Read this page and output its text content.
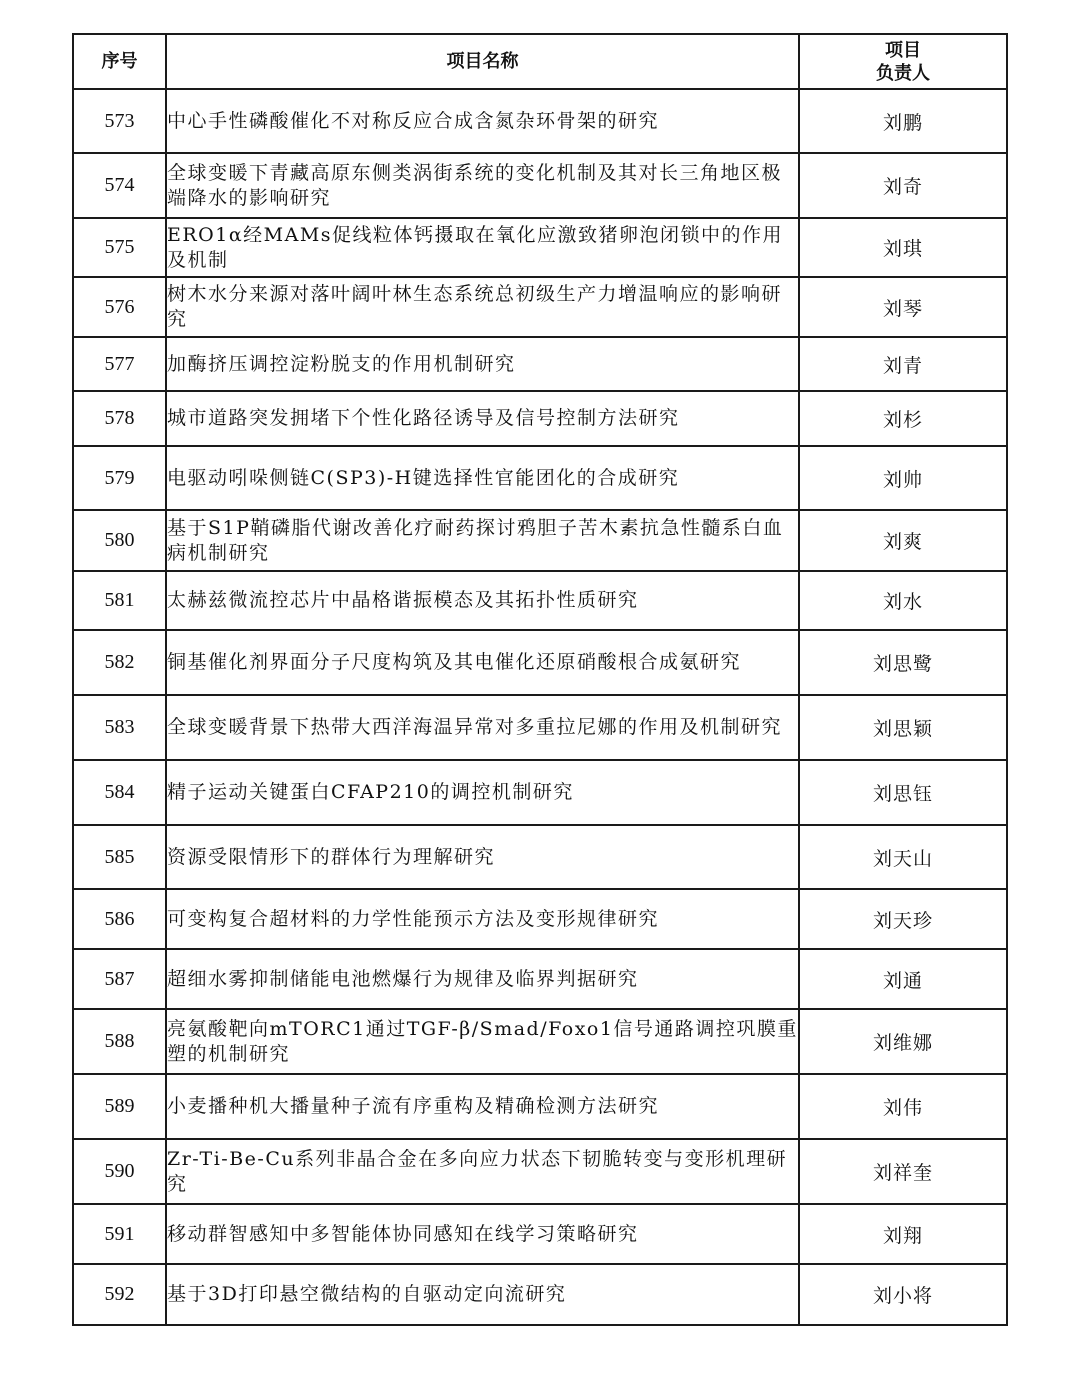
序号	项目名称	项目
负责人
573	中心手性磷酸催化不对称反应合成含氮杂环骨架的研究	刘鹏
574	全球变暖下青藏高原东侧类涡街系统的变化机制及其对长三角地区极端降水的影响研究	刘奇
575	ERO1α经MAMs促线粒体钙摄取在氧化应激致猪卵泡闭锁中的作用及机制	刘琪
576	树木水分来源对落叶阔叶林生态系统总初级生产力增温响应的影响研究	刘琴
577	加酶挤压调控淀粉脱支的作用机制研究	刘青
578	城市道路突发拥堵下个性化路径诱导及信号控制方法研究	刘杉
579	电驱动吲哚侧链C(SP3)-H键选择性官能团化的合成研究	刘帅
580	基于S1P鞘磷脂代谢改善化疗耐药探讨鸦胆子苦木素抗急性髓系白血病机制研究	刘爽
581	太赫兹微流控芯片中晶格谐振模态及其拓扑性质研究	刘水
582	铜基催化剂界面分子尺度构筑及其电催化还原硝酸根合成氨研究	刘思鹭
583	全球变暖背景下热带大西洋海温异常对多重拉尼娜的作用及机制研究	刘思颖
584	精子运动关键蛋白CFAP210的调控机制研究	刘思钰
585	资源受限情形下的群体行为理解研究	刘天山
586	可变构复合超材料的力学性能预示方法及变形规律研究	刘天珍
587	超细水雾抑制储能电池燃爆行为规律及临界判据研究	刘通
588	亮氨酸靶向mTORC1通过TGF-β/Smad/Foxo1信号通路调控巩膜重塑的机制研究	刘维娜
589	小麦播种机大播量种子流有序重构及精确检测方法研究	刘伟
590	Zr-Ti-Be-Cu系列非晶合金在多向应力状态下韧脆转变与变形机理研究	刘祥奎
591	移动群智感知中多智能体协同感知在线学习策略研究	刘翔
592	基于3D打印悬空微结构的自驱动定向流研究	刘小将
